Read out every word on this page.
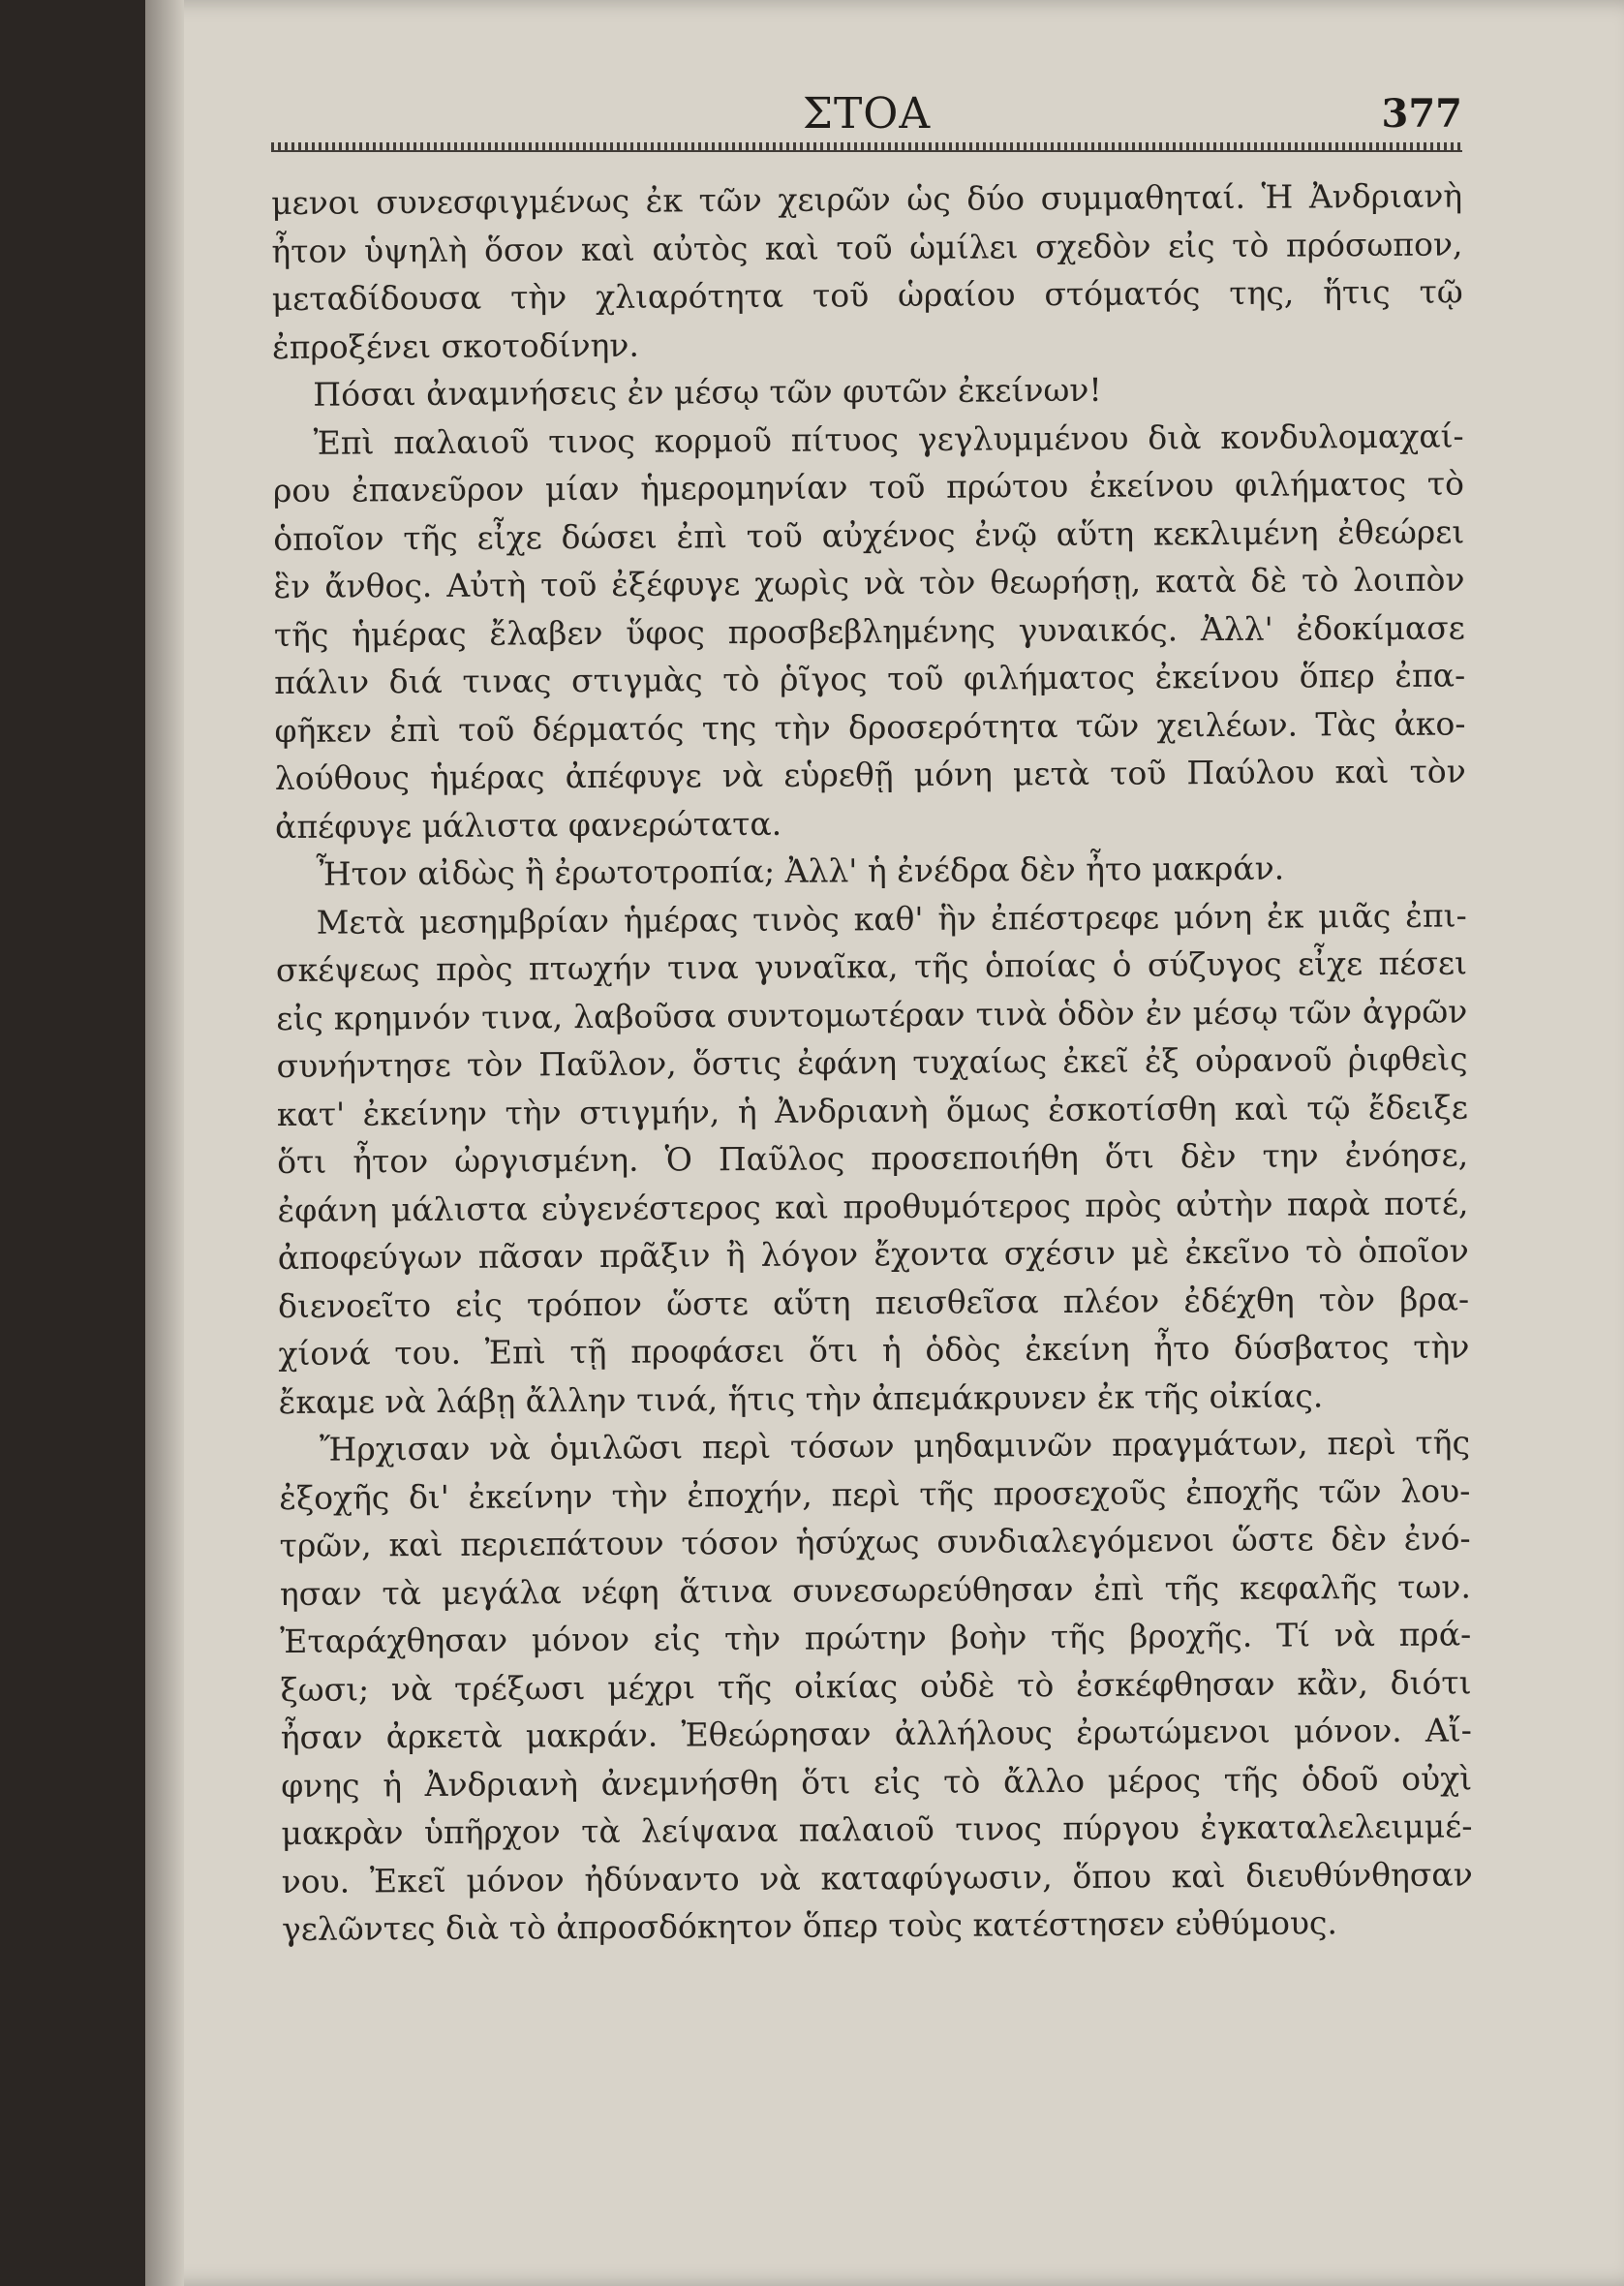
ΣΤΟΑ	377
μενοι συνεσφιγμένως ἐκ τῶν χειρῶν ὡς δύο συμμαθηταί. Ἡ Ἀνδριανὴ
ἦτον ὑψηλὴ ὅσον καὶ αὐτὸς καὶ τοῦ ὡμίλει σχεδὸν εἰς τὸ πρόσωπον,
μεταδίδουσα τὴν χλιαρότητα τοῦ ὡραίου στόματός της, ἥτις τῷ
ἐπροξένει σκοτοδίνην.
Πόσαι ἀναμνήσεις ἐν μέσῳ τῶν φυτῶν ἐκείνων!
Ἐπὶ παλαιοῦ τινος κορμοῦ πίτυος γεγλυμμένου διὰ κονδυλομαχαί-
ρου ἐπανεῦρον μίαν ἡμερομηνίαν τοῦ πρώτου ἐκείνου φιλήματος τὸ
ὁποῖον τῆς εἶχε δώσει ἐπὶ τοῦ αὐχένος ἐνῷ αὕτη κεκλιμένη ἐθεώρει
ἓν ἄνθος. Αὐτὴ τοῦ ἐξέφυγε χωρὶς νὰ τὸν θεωρήσῃ, κατὰ δὲ τὸ λοιπὸν
τῆς ἡμέρας ἔλαβεν ὕφος προσβεβλημένης γυναικός. Ἀλλ' ἐδοκίμασε
πάλιν διά τινας στιγμὰς τὸ ῥῖγος τοῦ φιλήματος ἐκείνου ὅπερ ἐπα-
φῆκεν ἐπὶ τοῦ δέρματός της τὴν δροσερότητα τῶν χειλέων. Τὰς ἀκο-
λούθους ἡμέρας ἀπέφυγε νὰ εὑρεθῇ μόνη μετὰ τοῦ Παύλου καὶ τὸν
ἀπέφυγε μάλιστα φανερώτατα.
Ἦτον αἰδὼς ἢ ἐρωτοτροπία; Ἀλλ' ἡ ἐνέδρα δὲν ἦτο μακράν.
Μετὰ μεσημβρίαν ἡμέρας τινὸς καθ' ἣν ἐπέστρεφε μόνη ἐκ μιᾶς ἐπι-
σκέψεως πρὸς πτωχήν τινα γυναῖκα, τῆς ὁποίας ὁ σύζυγος εἶχε πέσει
εἰς κρημνόν τινα, λαβοῦσα συντομωτέραν τινὰ ὁδὸν ἐν μέσῳ τῶν ἀγρῶν
συνήντησε τὸν Παῦλον, ὅστις ἐφάνη τυχαίως ἐκεῖ ἐξ οὐρανοῦ ῥιφθεὶς
κατ' ἐκείνην τὴν στιγμήν, ἡ Ἀνδριανὴ ὅμως ἐσκοτίσθη καὶ τῷ ἔδειξε
ὅτι ἦτον ὠργισμένη. Ὁ Παῦλος προσεποιήθη ὅτι δὲν την ἐνόησε,
ἐφάνη μάλιστα εὐγενέστερος καὶ προθυμότερος πρὸς αὐτὴν παρὰ ποτέ,
ἀποφεύγων πᾶσαν πρᾶξιν ἢ λόγον ἔχοντα σχέσιν μὲ ἐκεῖνο τὸ ὁποῖον
διενοεῖτο εἰς τρόπον ὥστε αὕτη πεισθεῖσα πλέον ἐδέχθη τὸν βρα-
χίονά του. Ἐπὶ τῇ προφάσει ὅτι ἡ ὁδὸς ἐκείνη ἦτο δύσβατος τὴν
ἔκαμε νὰ λάβῃ ἄλλην τινά, ἥτις τὴν ἀπεμάκρυνεν ἐκ τῆς οἰκίας.
Ἤρχισαν νὰ ὁμιλῶσι περὶ τόσων μηδαμινῶν πραγμάτων, περὶ τῆς
ἐξοχῆς δι' ἐκείνην τὴν ἐποχήν, περὶ τῆς προσεχοῦς ἐποχῆς τῶν λου-
τρῶν, καὶ περιεπάτουν τόσον ἡσύχως συνδιαλεγόμενοι ὥστε δὲν ἐνό-
ησαν τὰ μεγάλα νέφη ἅτινα συνεσωρεύθησαν ἐπὶ τῆς κεφαλῆς των.
Ἐταράχθησαν μόνον εἰς τὴν πρώτην βοὴν τῆς βροχῆς. Τί νὰ πρά-
ξωσι; νὰ τρέξωσι μέχρι τῆς οἰκίας οὐδὲ τὸ ἐσκέφθησαν κἂν, διότι
ἦσαν ἀρκετὰ μακράν. Ἐθεώρησαν ἀλλήλους ἐρωτώμενοι μόνον. Αἴ-
φνης ἡ Ἀνδριανὴ ἀνεμνήσθη ὅτι εἰς τὸ ἄλλο μέρος τῆς ὁδοῦ οὐχὶ
μακρὰν ὑπῆρχον τὰ λείψανα παλαιοῦ τινος πύργου ἐγκαταλελειμμέ-
νου. Ἐκεῖ μόνον ἠδύναντο νὰ καταφύγωσιν, ὅπου καὶ διευθύνθησαν
γελῶντες διὰ τὸ ἀπροσδόκητον ὅπερ τοὺς κατέστησεν εὐθύμους.
